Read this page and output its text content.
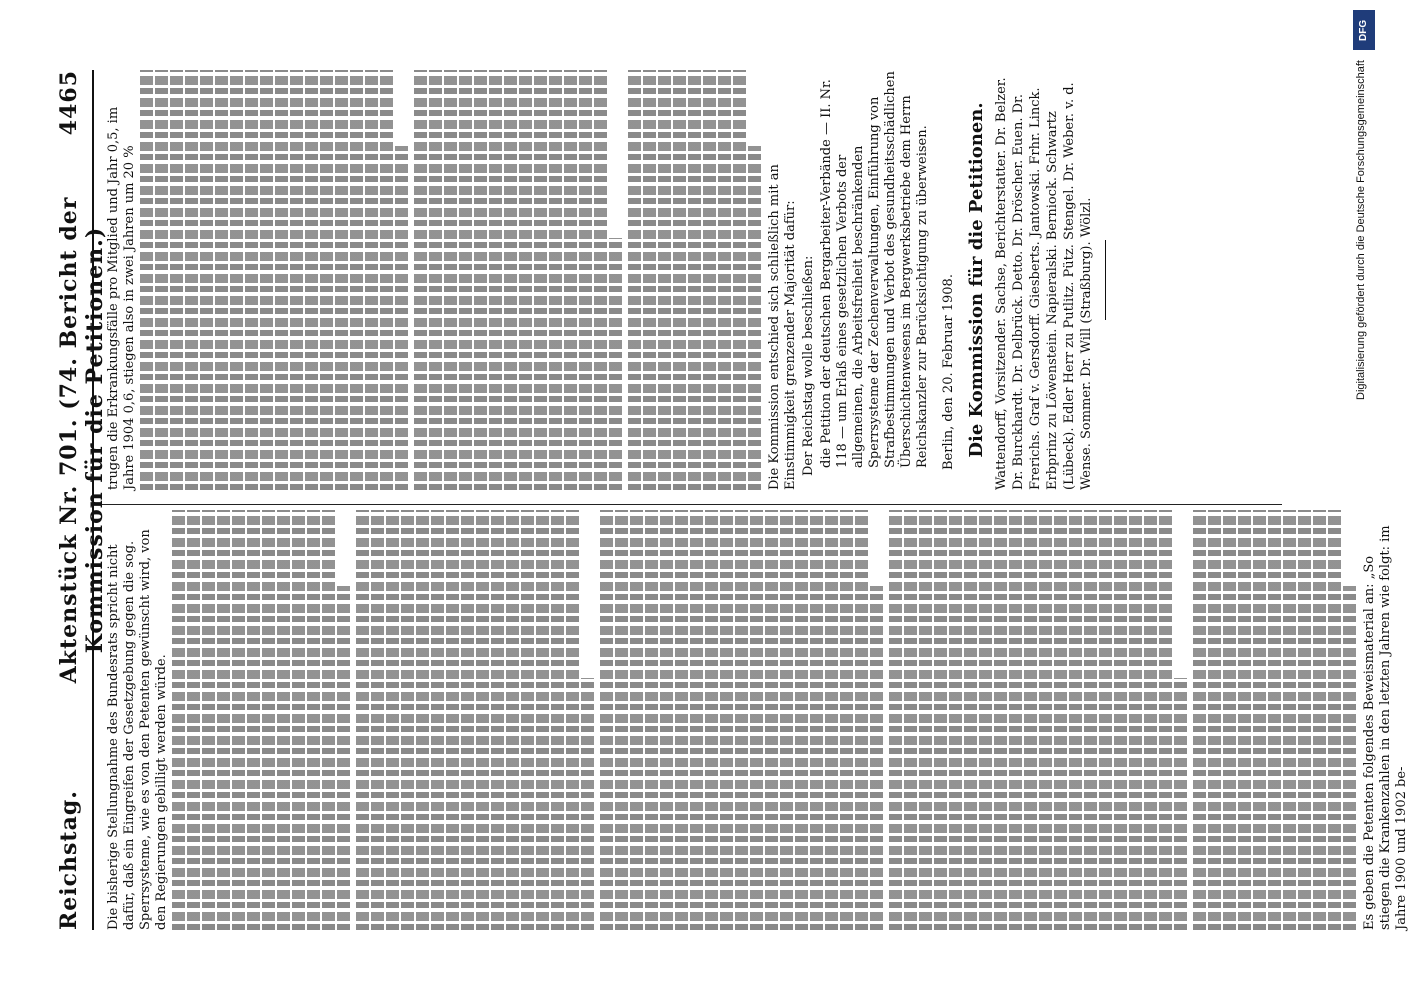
Reichstag.
Aktenstück Nr. 701. (74. Bericht der Kommission für die Petitionen.)
4465
Die bisherige Stellungnahme des Bundesrats spricht nicht dafür, daß ein Eingreifen der Gesetzgebung gegen die sog. Sperrsysteme, wie es von den Petenten gewünscht wird, von den Regierungen gebilligt werden würde.	Es geben die Petenten folgendes Beweismaterial an: „So stiegen die Krankenzahlen in den letzten Jahren wie folgt: im Jahre 1900 und 1902 be-
trugen die Erkrankungsfälle pro Mitglied und Jahr 0,5, im Jahre 1904 0,6, stiegen also in zwei Jahren um 20 %	Die Kommission entschied sich schließlich mit an Einstimmigkeit grenzender Majorität dafür: Der Reichstag wolle beschließen: die Petition der deutschen Bergarbeiter-Verbände — II. Nr. 118 — um Erlaß eines gesetzlichen Verbots der allgemeinen, die Arbeitsfreiheit beschränkenden Sperrsysteme der Zechenverwaltungen, Einführung von Strafbestimmungen und Verbot des gesundheitsschädlichen Überschichtenwesens im Bergwerksbetriebe dem Herrn Reichskanzler zur Berücksichtigung zu überweisen. Berlin, den 20. Februar 1908. Die Kommission für die Petitionen. Wattendorff, Vorsitzender. Sachse, Berichterstatter. Dr. Belzer. Dr. Burckhardt. Dr. Delbrück. Detto. Dr. Dröscher. Euen. Dr. Frerichs. Graf v. Gersdorff. Giesberts. Jantowski. Frhr. Linck. Erbprinz zu Löwenstein. Napieralski. Berniock. Schwartz (Lübeck). Edler Herr zu Putlitz. Pütz. Stengel. Dr. Weber. v. d. Wense. Sommer. Dr. Will (Straßburg). Wölzl.
DFG
Digitalisierung gefördert durch die Deutsche Forschungsgemeinschaft
